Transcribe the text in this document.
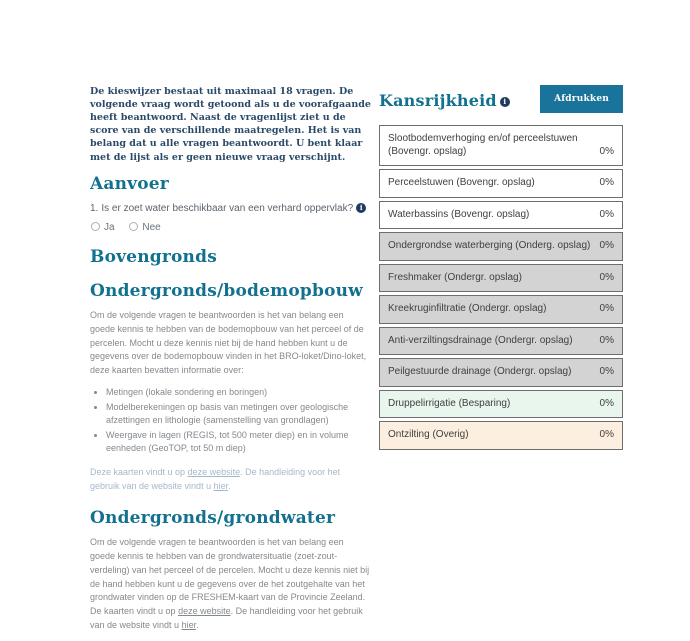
De kieswijzer bestaat uit maximaal 18 vragen. De volgende vraag wordt getoond als u de voorafgaande heeft beantwoord. Naast de vragenlijst ziet u de score van de verschillende maatregelen. Het is van belang dat u alle vragen beantwoordt. U bent klaar met de lijst als er geen nieuwe vraag verschijnt.

Aanvoer
1. Is er zoet water beschikbaar van een verhard oppervlak? i
Ja	Nee
Bovengronds
Ondergronds/bodemopbouw

Om de volgende vragen te beantwoorden is het van belang een goede kennis te hebben van de bodemopbouw van het perceel of de percelen. Mocht u deze kennis niet bij de hand hebben kunt u de gegevens over de bodemopbouw vinden in het BRO-loket/Dino-loket, deze kaarten bevatten informatie over:

• Metingen (lokale sondering en boringen)
• Modelberekeningen op basis van metingen over geologische afzettingen en lithologie (samenstelling van grondlagen)
• Weergave in lagen (REGIS, tot 500 meter diep) en in volume eenheden (GeoTOP, tot 50 m diep)

Deze kaarten vindt u op deze website. De handleiding voor het gebruik van de website vindt u hier.

Ondergronds/grondwater

Om de volgende vragen te beantwoorden is het van belang een goede kennis te hebben van de grondwatersituatie (zoet-zout-verdeling) van het perceel of de percelen. Mocht u deze kennis niet bij de hand hebben kunt u de gegevens over de het zoutgehalte van het grondwater vinden op de FRESHEM-kaart van de Provincie Zeeland. De kaarten vindt u op deze website. De handleiding voor het gebruik van de website vindt u hier.

Kansrijkheid i	Afdrukken
Slootbodemverhoging en/of perceelstuwen (Bovengr. opslag)	0%
Perceelstuwen (Bovengr. opslag)	0%
Waterbassins (Bovengr. opslag)	0%
Ondergrondse waterberging (Onderg. opslag) 0%
Freshmaker (Ondergr. opslag)	0%
Kreekruginfiltratie (Ondergr. opslag)	0%
Anti-verziltingsdrainage (Ondergr. opslag)	0%
Peilgestuurde drainage (Ondergr. opslag)	0%
Druppelirrigatie (Besparing)	0%
Ontzilting (Overig)	0%
